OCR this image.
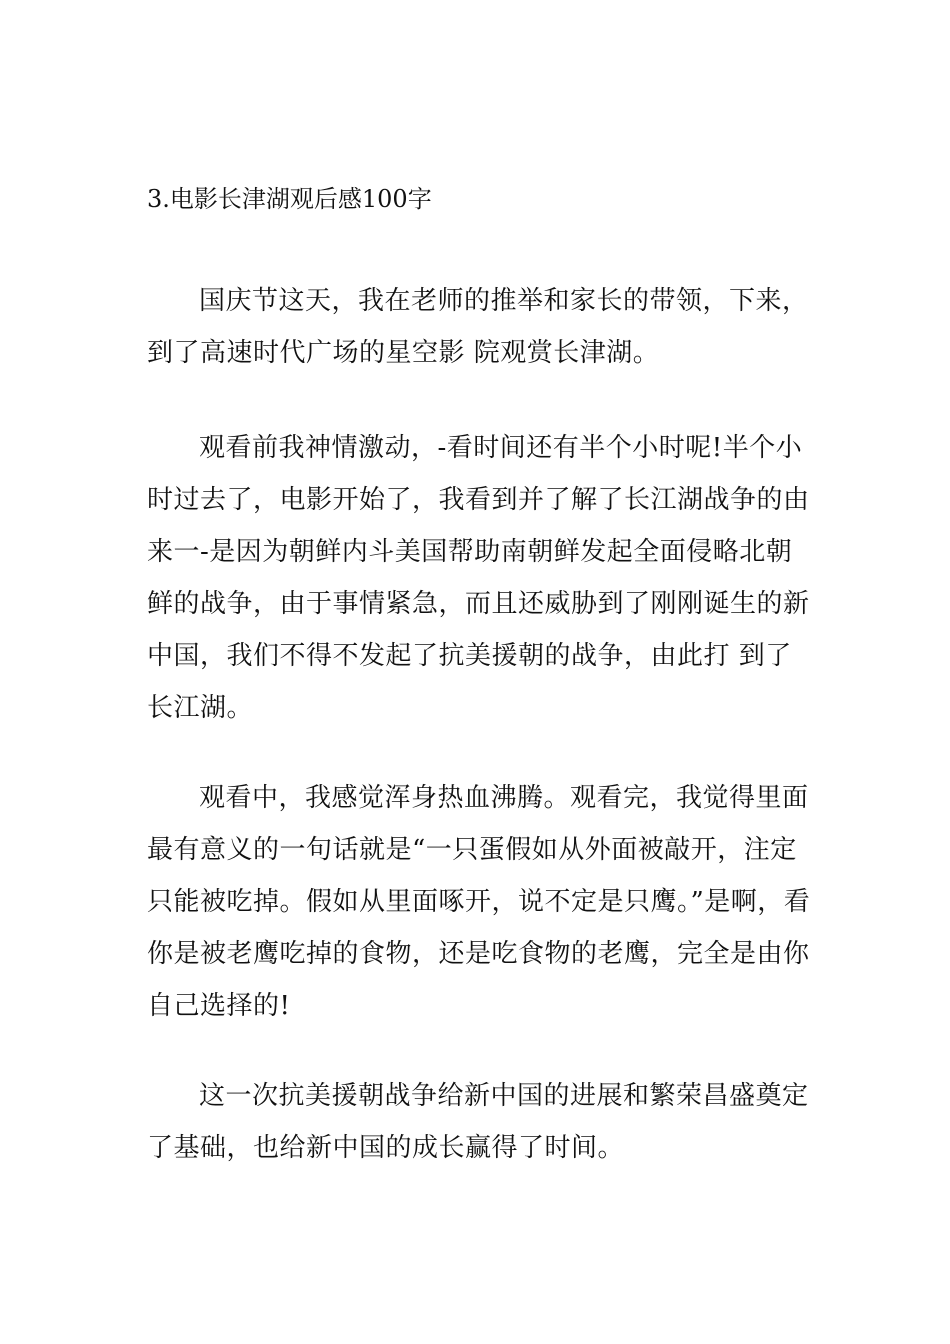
3.电影长津湖观后感100字

国庆节这天，我在老师的推举和家长的带领，下来，到了高速时代广场的星空影 院观赏长津湖。

观看前我神情激动，-看时间还有半个小时呢!半个小时过去了，电影开始了，我看到并了解了长江湖战争的由来一-是因为朝鲜内斗美国帮助南朝鲜发起全面侵略北朝鲜的战争，由于事情紧急，而且还威胁到了刚刚诞生的新中国，我们不得不发起了抗美援朝的战争，由此打 到了长江湖。

观看中，我感觉浑身热血沸腾。观看完，我觉得里面最有意义的一句话就是“一只蛋假如从外面被敲开，注定只能被吃掉。假如从里面啄开，说不定是只鹰。”是啊，看你是被老鹰吃掉的食物，还是吃食物的老鹰，完全是由你自己选择的!

这一次抗美援朝战争给新中国的进展和繁荣昌盛奠定了基础，也给新中国的成长赢得了时间。
